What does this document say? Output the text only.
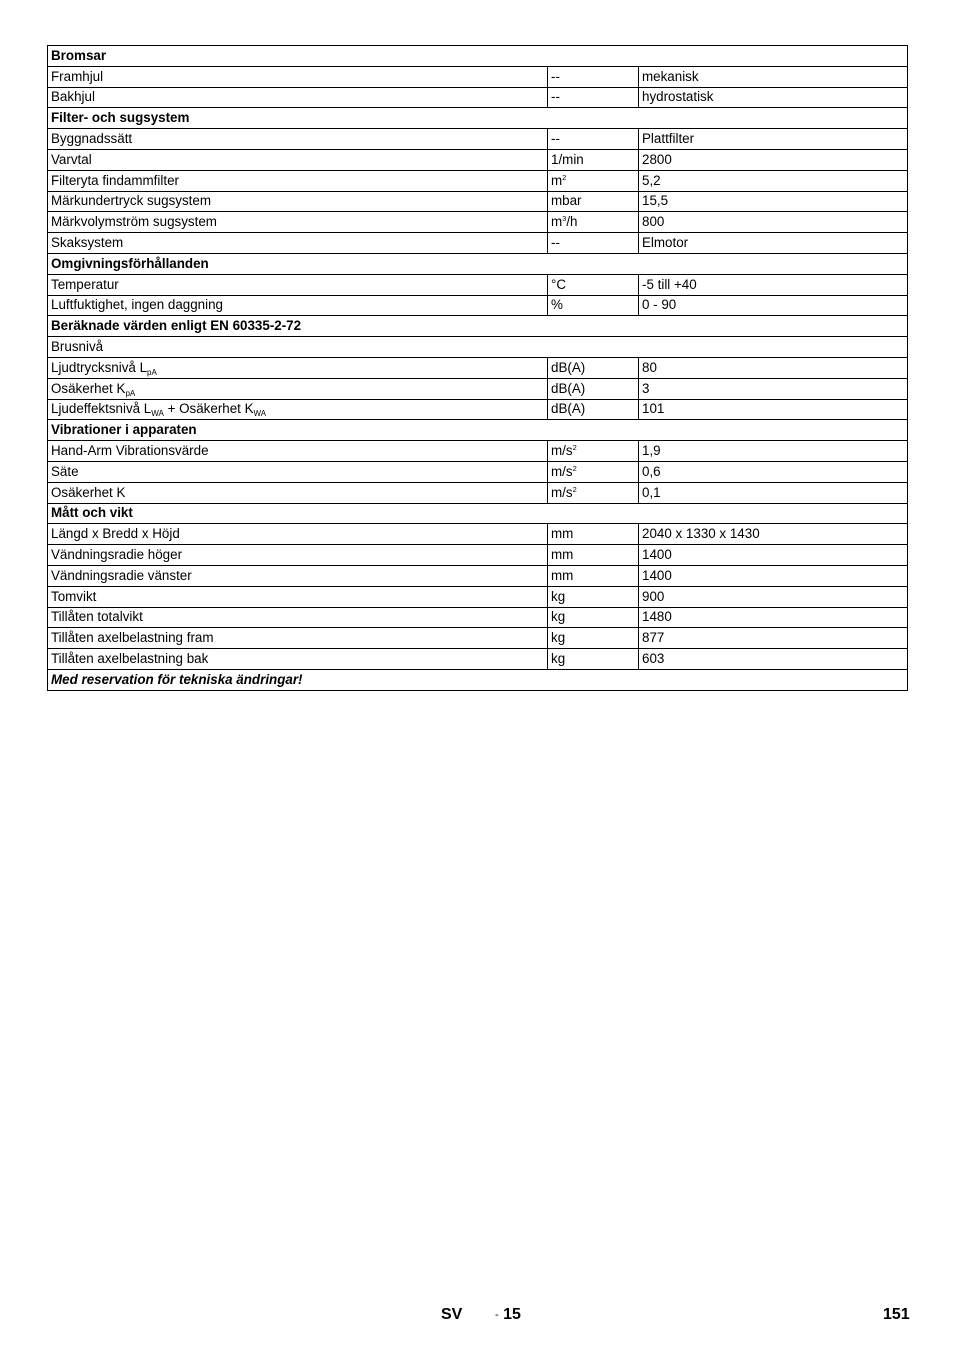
Bromsar		
Framhjul	--	mekanisk
Bakhjul	--	hydrostatisk
Filter- och sugsystem		
Byggnadssätt	--	Plattfilter
Varvtal	1/min	2800
Filteryta findammfilter	$m^2$	5,2
Märkundertryck sugsystem	mbar	15,5
Märkvolymström sugsystem	$m^3/h$	800
Skaksystem	--	Elmotor
Omgivningsförhållanden		
Temperatur	°C	-5 till +40
Luftfuktighet, ingen daggning	%	0 - 90
Beräknade värden enligt EN 60335-2-72		
Brusnivå		
Ljudtrycksnivå $L_{pA}$	dB(A)	80
Osäkerhet $K_{pA}$	dB(A)	3
Ljudeffektsnivå $L_{WA}$ + Osäkerhet $K_{WA}$	dB(A)	101
Vibrationer i apparaten		
Hand-Arm Vibrationsvärde	$m/s^2$	1,9
Säte	$m/s^2$	0,6
Osäkerhet K	$m/s^2$	0,1
Mått och vikt		
Längd x Bredd x Höjd	mm	2040 x 1330 x 1430
Vändningsradie höger	mm	1400
Vändningsradie vänster	mm	1400
Tomvikt	kg	900
Tillåten totalvikt	kg	1480
Tillåten axelbelastning fram	kg	877
Tillåten axelbelastning bak	kg	603
Med reservation för tekniska ändringar!		
SV	- 15	151
